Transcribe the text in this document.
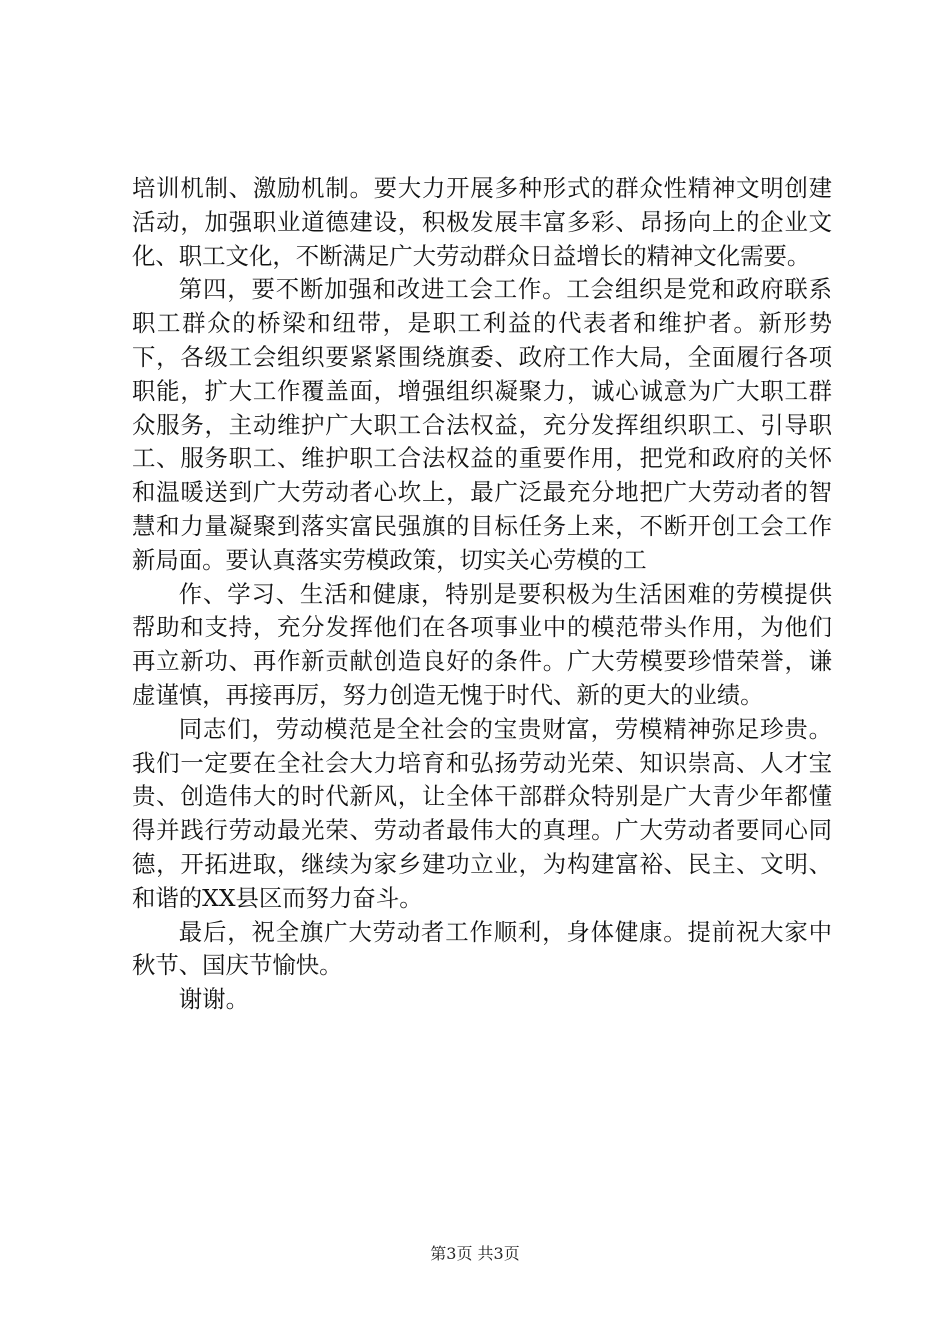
培训机制、激励机制。要大力开展多种形式的群众性精神文明创建活动，加强职业道德建设，积极发展丰富多彩、昂扬向上的企业文化、职工文化，不断满足广大劳动群众日益增长的精神文化需要。

第四，要不断加强和改进工会工作。工会组织是党和政府联系职工群众的桥梁和纽带，是职工利益的代表者和维护者。新形势下，各级工会组织要紧紧围绕旗委、政府工作大局，全面履行各项职能，扩大工作覆盖面，增强组织凝聚力，诚心诚意为广大职工群众服务，主动维护广大职工合法权益，充分发挥组织职工、引导职工、服务职工、维护职工合法权益的重要作用，把党和政府的关怀和温暖送到广大劳动者心坎上，最广泛最充分地把广大劳动者的智慧和力量凝聚到落实富民强旗的目标任务上来，不断开创工会工作新局面。要认真落实劳模政策，切实关心劳模的工

作、学习、生活和健康，特别是要积极为生活困难的劳模提供帮助和支持，充分发挥他们在各项事业中的模范带头作用，为他们再立新功、再作新贡献创造良好的条件。广大劳模要珍惜荣誉，谦虚谨慎，再接再厉，努力创造无愧于时代、新的更大的业绩。

同志们，劳动模范是全社会的宝贵财富，劳模精神弥足珍贵。我们一定要在全社会大力培育和弘扬劳动光荣、知识崇高、人才宝贵、创造伟大的时代新风，让全体干部群众特别是广大青少年都懂得并践行劳动最光荣、劳动者最伟大的真理。广大劳动者要同心同德，开拓进取，继续为家乡建功立业，为构建富裕、民主、文明、和谐的XX县区而努力奋斗。

最后，祝全旗广大劳动者工作顺利，身体健康。提前祝大家中秋节、国庆节愉快。

谢谢。

第3页 共3页
